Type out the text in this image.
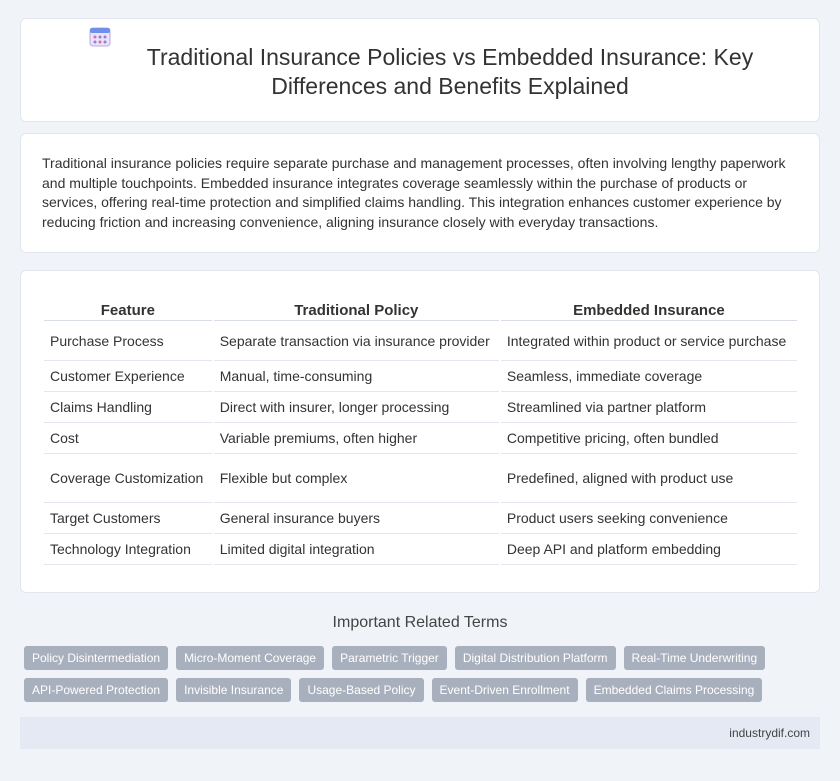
Traditional Insurance Policies vs Embedded Insurance: Key Differences and Benefits Explained

Traditional insurance policies require separate purchase and management processes, often involving lengthy paperwork and multiple touchpoints. Embedded insurance integrates coverage seamlessly within the purchase of products or services, offering real-time protection and simplified claims handling. This integration enhances customer experience by reducing friction and increasing convenience, aligning insurance closely with everyday transactions.

Feature	Traditional Policy	Embedded Insurance
Purchase Process	Separate transaction via insurance provider	Integrated within product or service purchase
Customer Experience	Manual, time-consuming	Seamless, immediate coverage
Claims Handling	Direct with insurer, longer processing	Streamlined via partner platform
Cost	Variable premiums, often higher	Competitive pricing, often bundled
Coverage Customization	Flexible but complex	Predefined, aligned with product use
Target Customers	General insurance buyers	Product users seeking convenience
Technology Integration	Limited digital integration	Deep API and platform embedding
Important Related Terms
Policy Disintermediation	Micro-Moment Coverage	Parametric Trigger	Digital Distribution Platform	Real-Time Underwriting
API-Powered Protection	Invisible Insurance	Usage-Based Policy	Event-Driven Enrollment	Embedded Claims Processing
industrydif.com
